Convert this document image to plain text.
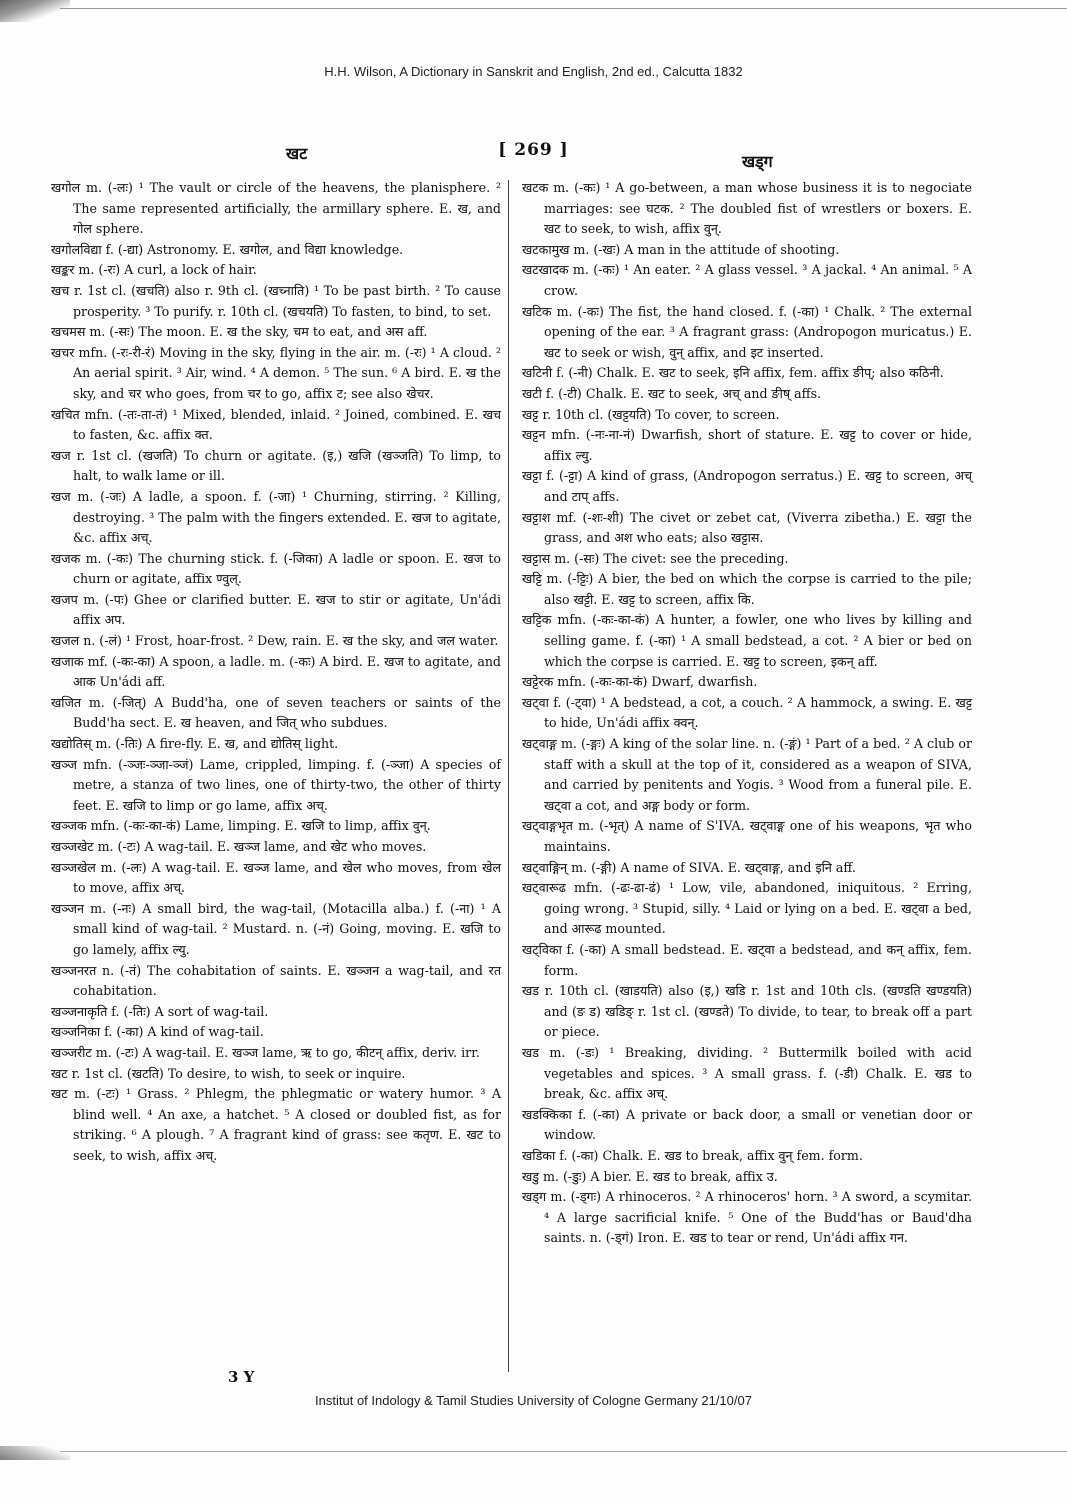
H.H. Wilson, A Dictionary in Sanskrit and English, 2nd ed., Calcutta 1832
खट	[ 269 ]
खड्ग

खगोल m. (-लः) ¹ The vault or circle of the heavens, the planisphere. ² The same represented artificially, the armillary sphere. E. ख, and गोल sphere.

खगोलविद्या f. (-द्या) Astronomy. E. खगोल, and विद्या knowledge.

खङ्कर m. (-रः) A curl, a lock of hair.

खच r. 1st cl. (खचति) also r. 9th cl. (खच्नाति) ¹ To be past birth. ² To cause prosperity. ³ To purify. r. 10th cl. (खचयति) To fasten, to bind, to set.

खचमस m. (-सः) The moon. E. ख the sky, चम to eat, and अस aff.

खचर mfn. (-रः-री-रं) Moving in the sky, flying in the air. m. (-रः) ¹ A cloud. ² An aerial spirit. ³ Air, wind. ⁴ A demon. ⁵ The sun. ⁶ A bird. E. ख the sky, and चर who goes, from चर to go, affix ट; see also खेचर.

खचित mfn. (-तः-ता-तं) ¹ Mixed, blended, inlaid. ² Joined, combined. E. खच to fasten, &c. affix क्त.

खज r. 1st cl. (खजति) To churn or agitate. (इ,) खजि (खञ्जति) To limp, to halt, to walk lame or ill.

खज m. (-जः) A ladle, a spoon. f. (-जा) ¹ Churning, stirring. ² Killing, destroying. ³ The palm with the fingers extended. E. खज to agitate, &c. affix अच्.

खजक m. (-कः) The churning stick. f. (-जिका) A ladle or spoon. E. खज to churn or agitate, affix ण्वुल्.

खजप m. (-पः) Ghee or clarified butter. E. खज to stir or agitate, Un'ádi affix अप.

खजल n. (-लं) ¹ Frost, hoar-frost. ² Dew, rain. E. ख the sky, and जल water.

खजाक mf. (-कः-का) A spoon, a ladle. m. (-कः) A bird. E. खज to agitate, and आक Un'ádi aff.

खजित m. (-जित्) A Budd'ha, one of seven teachers or saints of the Budd'ha sect. E. ख heaven, and जित् who subdues.

खद्योतिस् m. (-तिः) A fire-fly. E. ख, and द्योतिस् light.

खञ्ज mfn. (-ञ्जः-ञ्जा-ञ्जं) Lame, crippled, limping. f. (-ञ्जा) A species of metre, a stanza of two lines, one of thirty-two, the other of thirty feet. E. खजि to limp or go lame, affix अच्.

खञ्जक mfn. (-कः-का-कं) Lame, limping. E. खजि to limp, affix वुन्.

खञ्जखेट m. (-टः) A wag-tail. E. खञ्ज lame, and खेट who moves.

खञ्जखेल m. (-लः) A wag-tail. E. खञ्ज lame, and खेल who moves, from खेल to move, affix अच्.

खञ्जन m. (-नः) A small bird, the wag-tail, (Motacilla alba.) f. (-ना) ¹ A small kind of wag-tail. ² Mustard. n. (-नं) Going, moving. E. खजि to go lamely, affix ल्यु.

खञ्जनरत n. (-तं) The cohabitation of saints. E. खञ्जन a wag-tail, and रत cohabitation.

खञ्जनाकृति f. (-तिः) A sort of wag-tail.

खञ्जनिका f. (-का) A kind of wag-tail.

खञ्जरीट m. (-टः) A wag-tail. E. खञ्ज lame, ऋ to go, कीटन् affix, deriv. irr.

खट r. 1st cl. (खटति) To desire, to wish, to seek or inquire.

खट m. (-टः) ¹ Grass. ² Phlegm, the phlegmatic or watery humor. ³ A blind well. ⁴ An axe, a hatchet. ⁵ A closed or doubled fist, as for striking. ⁶ A plough. ⁷ A fragrant kind of grass: see कतृण. E. खट to seek, to wish, affix अच्.

खटक m. (-कः) ¹ A go-between, a man whose business it is to negociate marriages: see घटक. ² The doubled fist of wrestlers or boxers. E. खट to seek, to wish, affix वुन्.

खटकामुख m. (-खः) A man in the attitude of shooting.

खटखादक m. (-कः) ¹ An eater. ² A glass vessel. ³ A jackal. ⁴ An animal. ⁵ A crow.

खटिक m. (-कः) The fist, the hand closed. f. (-का) ¹ Chalk. ² The external opening of the ear. ³ A fragrant grass: (Andropogon muricatus.) E. खट to seek or wish, वुन् affix, and इट inserted.

खटिनी f. (-नी) Chalk. E. खट to seek, इनि affix, fem. affix ङीप्; also कठिनी.

खटी f. (-टी) Chalk. E. खट to seek, अच् and ङीष् affs.

खट्ट r. 10th cl. (खट्टयति) To cover, to screen.

खट्टन mfn. (-नः-ना-नं) Dwarfish, short of stature. E. खट्ट to cover or hide, affix ल्यु.

खट्टा f. (-ट्टा) A kind of grass, (Andropogon serratus.) E. खट्ट to screen, अच् and टाप् affs.

खट्टाश mf. (-शः-शी) The civet or zebet cat, (Viverra zibetha.) E. खट्टा the grass, and अश who eats; also खट्टास.

खट्टास m. (-सः) The civet: see the preceding.

खट्टि m. (-ट्टिः) A bier, the bed on which the corpse is carried to the pile; also खट्टी. E. खट्ट to screen, affix कि.

खट्टिक mfn. (-कः-का-कं) A hunter, a fowler, one who lives by killing and selling game. f. (-का) ¹ A small bedstead, a cot. ² A bier or bed on which the corpse is carried. E. खट्ट to screen, इकन् aff.

खट्टेरक mfn. (-कः-का-कं) Dwarf, dwarfish.

खट्वा f. (-ट्वा) ¹ A bedstead, a cot, a couch. ² A hammock, a swing. E. खट्ट to hide, Un'ádi affix क्वन्.

खट्वाङ्ग m. (-ङ्गः) A king of the solar line. n. (-ङ्गं) ¹ Part of a bed. ² A club or staff with a skull at the top of it, considered as a weapon of SIVA, and carried by penitents and Yogis. ³ Wood from a funeral pile. E. खट्वा a cot, and अङ्ग body or form.

खट्वाङ्गभृत m. (-भृत्) A name of S'IVA. खट्वाङ्ग one of his weapons, भृत who maintains.

खट्वाङ्गिन् m. (-ङ्गी) A name of SIVA. E. खट्वाङ्ग, and इनि aff.

खट्वारूढ mfn. (-ढः-ढा-ढं) ¹ Low, vile, abandoned, iniquitous. ² Erring, going wrong. ³ Stupid, silly. ⁴ Laid or lying on a bed. E. खट्वा a bed, and आरूढ mounted.

खट्विका f. (-का) A small bedstead. E. खट्वा a bedstead, and कन् affix, fem. form.

खड r. 10th cl. (खाडयति) also (इ,) खडि r. 1st and 10th cls. (खण्डति खण्डयति) and (ङ ड) खडिङ् r. 1st cl. (खण्डते) To divide, to tear, to break off a part or piece.

खड m. (-डः) ¹ Breaking, dividing. ² Buttermilk boiled with acid vegetables and spices. ³ A small grass. f. (-डी) Chalk. E. खड to break, &c. affix अच्.

खडक्किका f. (-का) A private or back door, a small or venetian door or window.

खडिका f. (-का) Chalk. E. खड to break, affix वुन् fem. form.

खडु m. (-डुः) A bier. E. खड to break, affix उ.

खड्ग m. (-ड्गः) A rhinoceros. ² A rhinoceros' horn. ³ A sword, a scymitar. ⁴ A large sacrificial knife. ⁵ One of the Budd'has or Baud'dha saints. n. (-ड्गं) Iron. E. खड to tear or rend, Un'ádi affix गन.

3 Y
Institut of Indology & Tamil Studies University of Cologne Germany 21/10/07
